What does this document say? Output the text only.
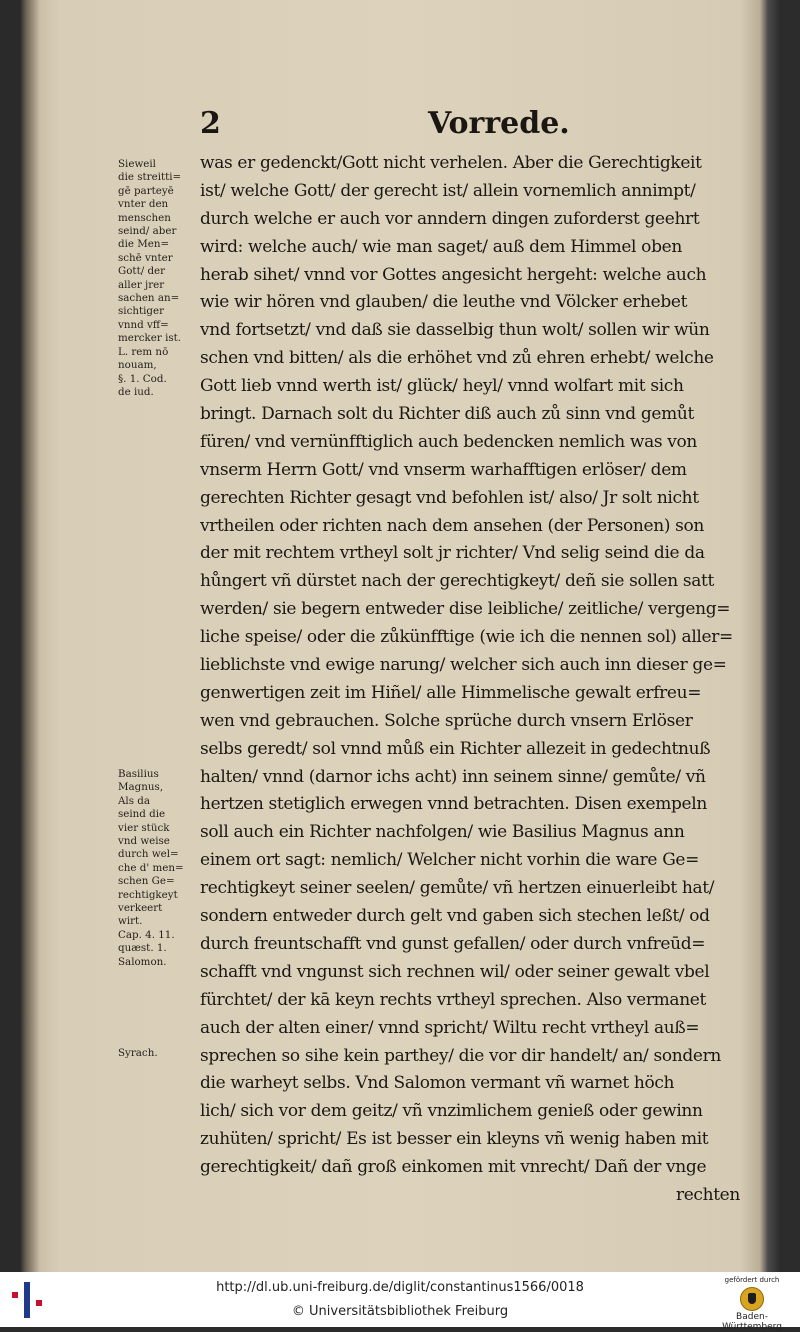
2	Vorrede.
was er gedenckt/Gott nicht verhelen. Aber die Gerechtigkeit
ist/ welche Gott/ der gerecht ist/ allein vornemlich annimpt/
durch welche er auch vor anndern dingen zuforderst geehrt
wird: welche auch/ wie man saget/ auß dem Himmel oben
herab sihet/ vnnd vor Gottes angesicht hergeht: welche auch
wie wir hören vnd glauben/ die leuthe vnd Völcker erhebet
vnd fortsetzt/ vnd daß sie dasselbig thun wolt/ sollen wir wün
schen vnd bitten/ als die erhöhet vnd zů ehren erhebt/ welche
Gott lieb vnnd werth ist/ glück/ heyl/ vnnd wolfart mit sich
bringt. Darnach solt du Richter diß auch zů sinn vnd gemůt
füren/ vnd vernünfftiglich auch bedencken nemlich was von
vnserm Herrn Gott/ vnd vnserm warhafftigen erlöser/ dem
gerechten Richter gesagt vnd befohlen ist/ also/ Jr solt nicht
vrtheilen oder richten nach dem ansehen (der Personen) son
der mit rechtem vrtheyl solt jr richter/ Vnd selig seind die da
hůngert vñ dürstet nach der gerechtigkeyt/ deñ sie sollen satt
werden/ sie begern entweder dise leibliche/ zeitliche/ vergeng=
liche speise/ oder die zůkünfftige (wie ich die nennen sol) aller=
lieblichste vnd ewige narung/ welcher sich auch inn dieser ge=
genwertigen zeit im Hiñel/ alle Himmelische gewalt erfreu=
wen vnd gebrauchen. Solche sprüche durch vnsern Erlöser
selbs geredt/ sol vnnd můß ein Richter allezeit in gedechtnuß
halten/ vnnd (darnor ichs acht) inn seinem sinne/ gemůte/ vñ
hertzen stetiglich erwegen vnnd betrachten. Disen exempeln
soll auch ein Richter nachfolgen/ wie Basilius Magnus ann
einem ort sagt: nemlich/ Welcher nicht vorhin die ware Ge=
rechtigkeyt seiner seelen/ gemůte/ vñ hertzen einuerleibt hat/
sondern entweder durch gelt vnd gaben sich stechen leßt/ od
durch freuntschafft vnd gunst gefallen/ oder durch vnfreūd=
schafft vnd vngunst sich rechnen wil/ oder seiner gewalt vbel
fürchtet/ der kā keyn rechts vrtheyl sprechen. Also vermanet
auch der alten einer/ vnnd spricht/ Wiltu recht vrtheyl auß=
sprechen so sihe kein parthey/ die vor dir handelt/ an/ sondern
die warheyt selbs. Vnd Salomon vermant vñ warnet höch
lich/ sich vor dem geitz/ vñ vnzimlichem genieß oder gewinn
zuhüten/ spricht/ Es ist besser ein kleyns vñ wenig haben mit
gerechtigkeit/ dañ groß einkomen mit vnrecht/ Dañ der vnge
rechten
Sieweil
die streitti=
gē parteyē
vnter den
menschen
seind/ aber
die Men=
schē vnter
Gott/ der
aller jrer
sachen an=
sichtiger
vnnd vff=
mercker ist.
L. rem nō
nouam,
§. 1. Cod.
de iud.
Basilius
Magnus,
Als da
seind die
vier stück
vnd weise
durch wel=
che d' men=
schen Ge=
rechtigkeyt
verkeert
wirt.
Cap. 4. 11.
quæst. 1.
Salomon.
Syrach.
http://dl.ub.uni-freiburg.de/diglit/constantinus1566/0018
© Universitätsbibliothek Freiburg
gefördert durch
Baden-Württemberg
